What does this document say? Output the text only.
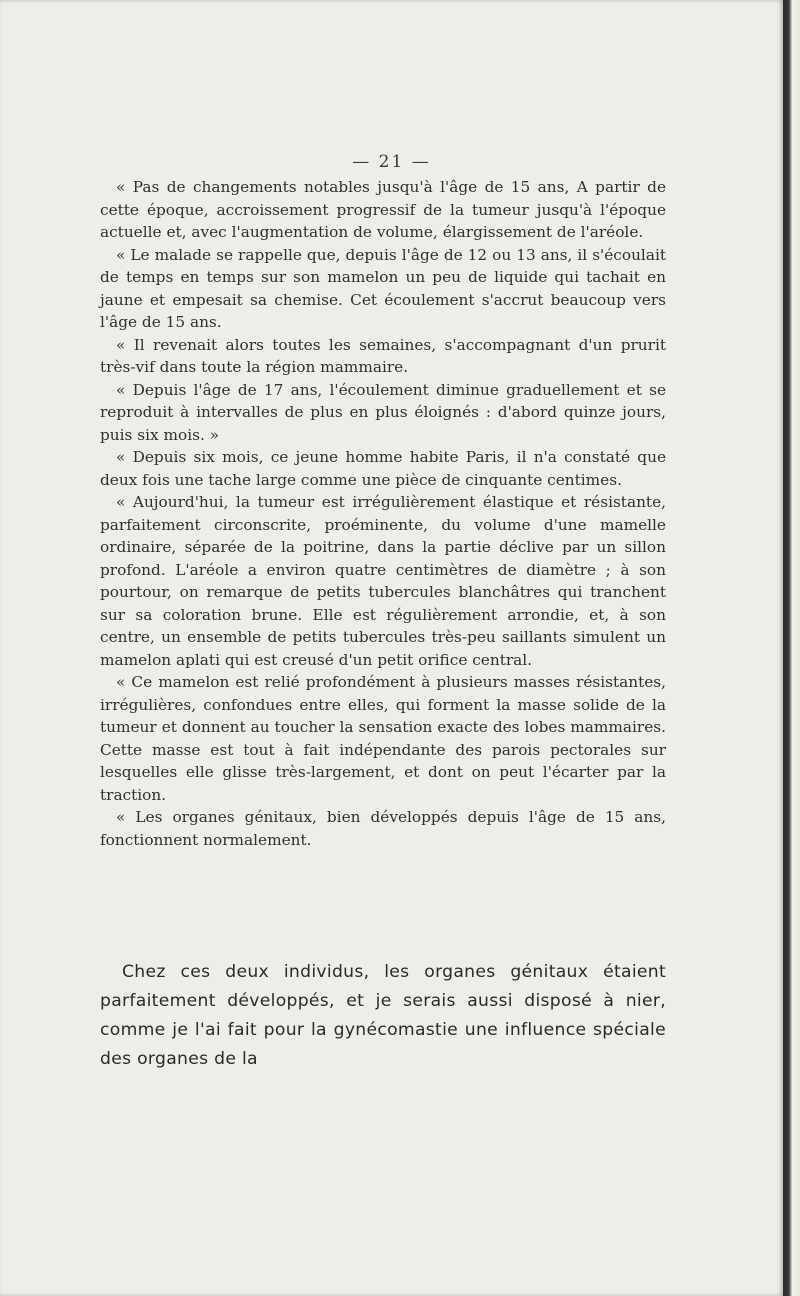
— 21 —

« Pas de changements notables jusqu'à l'âge de 15 ans, A partir de cette époque, accroissement progressif de la tumeur jusqu'à l'époque actuelle et, avec l'augmentation de volume, élargissement de l'aréole.

« Le malade se rappelle que, depuis l'âge de 12 ou 13 ans, il s'écoulait de temps en temps sur son mamelon un peu de liquide qui tachait en jaune et empesait sa chemise. Cet écoulement s'accrut beaucoup vers l'âge de 15 ans.

« Il revenait alors toutes les semaines, s'accompagnant d'un prurit très-vif dans toute la région mammaire.

« Depuis l'âge de 17 ans, l'écoulement diminue graduellement et se reproduit à intervalles de plus en plus éloignés : d'abord quinze jours, puis six mois. »

« Depuis six mois, ce jeune homme habite Paris, il n'a constaté que deux fois une tache large comme une pièce de cinquante centimes.

« Aujourd'hui, la tumeur est irrégulièrement élastique et résistante, parfaitement circonscrite, proéminente, du volume d'une mamelle ordinaire, séparée de la poitrine, dans la partie déclive par un sillon profond. L'aréole a environ quatre centimètres de diamètre ; à son pourtour, on remarque de petits tubercules blanchâtres qui tranchent sur sa coloration brune. Elle est régulièrement arrondie, et, à son centre, un ensemble de petits tubercules très-peu saillants simulent un mamelon aplati qui est creusé d'un petit orifice central.

« Ce mamelon est relié profondément à plusieurs masses résistantes, irrégulières, confondues entre elles, qui forment la masse solide de la tumeur et donnent au toucher la sensation exacte des lobes mammaires. Cette masse est tout à fait indépendante des parois pectorales sur lesquelles elle glisse très-largement, et dont on peut l'écarter par la traction.

« Les organes génitaux, bien développés depuis l'âge de 15 ans, fonctionnent normalement.

Chez ces deux individus, les organes génitaux étaient parfaitement développés, et je serais aussi disposé à nier, comme je l'ai fait pour la gynécomastie une influence spéciale des organes de la
